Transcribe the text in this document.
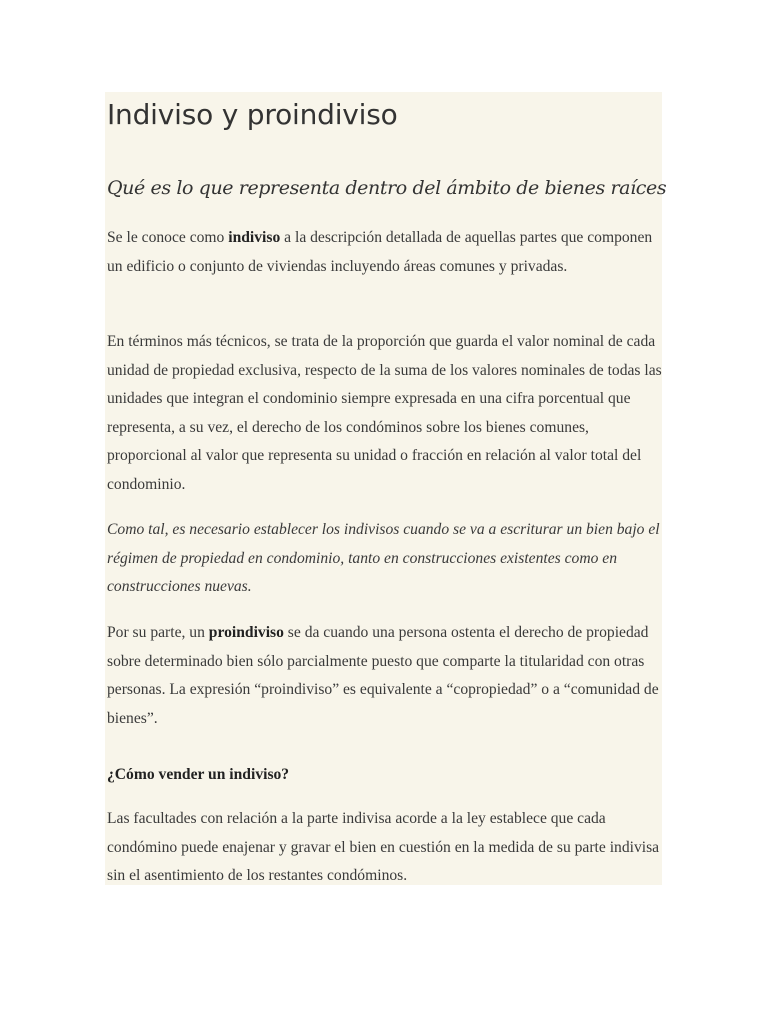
Indiviso y proindiviso
Qué es lo que representa dentro del ámbito de bienes raíces

Se le conoce como indiviso a la descripción detallada de aquellas partes que componen un edificio o conjunto de viviendas incluyendo áreas comunes y privadas.

En términos más técnicos, se trata de la proporción que guarda el valor nominal de cada unidad de propiedad exclusiva, respecto de la suma de los valores nominales de todas las unidades que integran el condominio siempre expresada en una cifra porcentual que representa, a su vez, el derecho de los condóminos sobre los bienes comunes, proporcional al valor que representa su unidad o fracción en relación al valor total del condominio.

Como tal, es necesario establecer los indivisos cuando se va a escriturar un bien bajo el régimen de propiedad en condominio, tanto en construcciones existentes como en construcciones nuevas.

Por su parte, un proindiviso se da cuando una persona ostenta el derecho de propiedad sobre determinado bien sólo parcialmente puesto que comparte la titularidad con otras personas. La expresión “proindiviso” es equivalente a “copropiedad” o a “comunidad de bienes”.

¿Cómo vender un indiviso?

Las facultades con relación a la parte indivisa acorde a la ley establece que cada condómino puede enajenar y gravar el bien en cuestión en la medida de su parte indivisa sin el asentimiento de los restantes condóminos.
